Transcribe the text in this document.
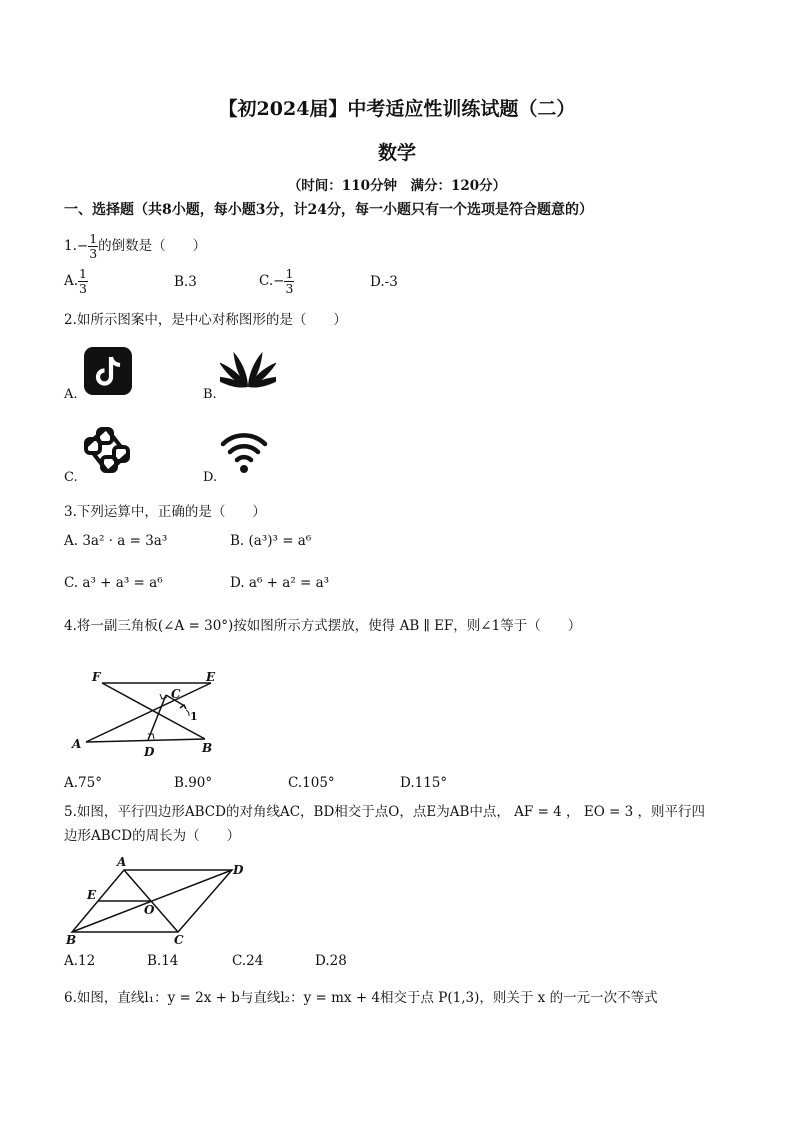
【初2024届】中考适应性训练试题（二）
数学
（时间：110分钟　满分：120分）
一、选择题（共8小题，每小题3分，计24分，每一小题只有一个选项是符合题意的）
$1.- \frac{1}{3}$ 的倒数是（　　）
A. $\frac{1}{3}$	B.3	$C.- \frac{1}{3}$	D.-3
2.如所示图案中，是中心对称图形的是（　　）
A.	B.
C.	D.
3.下列运算中，正确的是（　　）
A. 3a² · a = 3a³	B. (a³)³ = a⁶
C. a³ + a³ = a⁶	D. a⁶ + a² = a³
4.将一副三角板(∠A = 30°)按如图所示方式摆放，使得 AB ∥ EF，则∠1等于（　　）
F	E
C
1
A
D	B
A.75°	B.90°	C.105°	D.115°
5.如图，平行四边形ABCD的对角线AC，BD相交于点O，点E为AB中点， AF = 4 ， EO = 3 ，则平行四
边形ABCD的周长为（　　）
A
D
E
O
B	C
A.12	B.14	C.24	D.28
6.如图，直线l₁：y = 2x + b与直线l₂：y = mx + 4相交于点 P(1,3)，则关于 x 的一元一次不等式
